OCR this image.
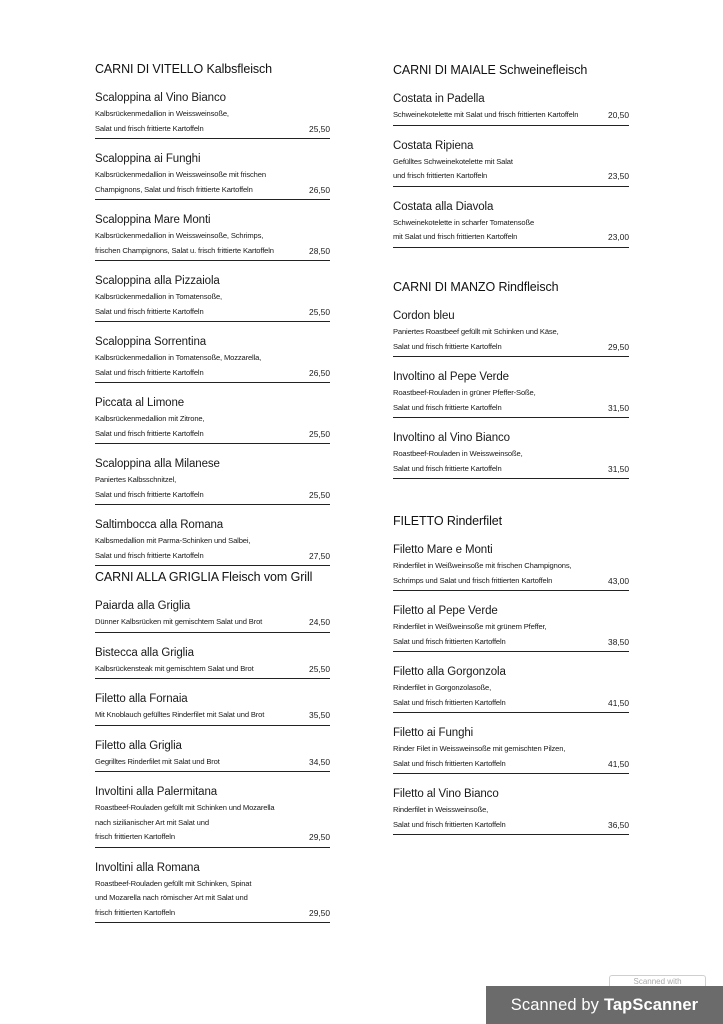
CARNI DI VITELLO Kalbsfleisch
Scaloppina al Vino Bianco
Kalbsrückenmedallion in Weissweinsoße,
Salat und frisch frittierte Kartoffeln	25,50
Scaloppina ai Funghi
Kalbsrückenmedallion in Weissweinsoße mit frischen
Champignons, Salat und frisch frittierte Kartoffeln	26,50
Scaloppina Mare Monti
Kalbsrückenmedallion in Weissweinsoße, Schrimps,
frischen Champignons, Salat u. frisch frittierte Kartoffeln	28,50
Scaloppina alla Pizzaiola
Kalbsrückenmedallion in Tomatensoße,
Salat und frisch frittierte Kartoffeln	25,50
Scaloppina Sorrentina
Kalbsrückenmedallion in Tomatensoße, Mozzarella,
Salat und frisch frittierte Kartoffeln	26,50
Piccata al Limone
Kalbsrückenmedallion mit Zitrone,
Salat und frisch frittierte Kartoffeln	25,50
Scaloppina alla Milanese
Paniertes Kalbsschnitzel,
Salat und frisch frittierte Kartoffeln	25,50
Saltimbocca alla Romana
Kalbsmedallion mit Parma-Schinken und Salbei,
Salat und frisch frittierte Kartoffeln	27,50
CARNI ALLA GRIGLIA Fleisch vom Grill
Paiarda alla Griglia
Dünner Kalbsrücken mit gemischtem Salat und Brot	24,50
Bistecca alla Griglia
Kalbsrückensteak mit gemischtem Salat und Brot	25,50
Filetto alla Fornaia
Mit Knoblauch gefülltes Rinderfilet mit Salat und Brot	35,50
Filetto alla Griglia
Gegrilltes Rinderfilet mit Salat und Brot	34,50
Involtini alla Palermitana
Roastbeef-Rouladen gefüllt mit Schinken und Mozarella
nach sizilianischer Art mit Salat und
frisch frittierten Kartoffeln	29,50
Involtini alla Romana
Roastbeef-Rouladen gefüllt mit Schinken, Spinat
und Mozarella nach römischer Art mit Salat und
frisch frittierten Kartoffeln	29,50
CARNI DI MAIALE Schweinefleisch
Costata in Padella
Schweinekotelette mit Salat und frisch frittierten Kartoffeln	20,50
Costata Ripiena
Gefülltes Schweinekotelette mit Salat
und frisch frittierten Kartoffeln	23,50
Costata alla Diavola
Schweinekotelette in scharfer Tomatensoße
mit Salat und frisch frittierten Kartoffeln	23,00
CARNI DI MANZO Rindfleisch
Cordon bleu
Paniertes Roastbeef gefüllt mit Schinken und Käse,
Salat und frisch frittierte Kartoffeln	29,50
Involtino al Pepe Verde
Roastbeef-Rouladen in grüner Pfeffer-Soße,
Salat und frisch frittierte Kartoffeln	31,50
Involtino al Vino Bianco
Roastbeef-Rouladen in Weissweinsoße,
Salat und frisch frittierte Kartoffeln	31,50
FILETTO Rinderfilet
Filetto Mare e Monti
Rinderfilet in Weißweinsoße mit frischen Champignons,
Schrimps und Salat und frisch frittierten Kartoffeln	43,00
Filetto al Pepe Verde
Rinderfilet in Weißweinsoße mit grünem Pfeffer,
Salat und frisch frittierten Kartoffeln	38,50
Filetto alla Gorgonzola
Rinderfilet in Gorgonzolasoße,
Salat und frisch frittierten Kartoffeln	41,50
Filetto ai Funghi
Rinder Filet in Weissweinsoße mit gemischten Pilzen,
Salat und frisch frittierten Kartoffeln	41,50
Filetto al Vino Bianco
Rinderfilet in Weissweinsoße,
Salat und frisch frittierten Kartoffeln	36,50
Scanned with
Scanned by TapScanner
